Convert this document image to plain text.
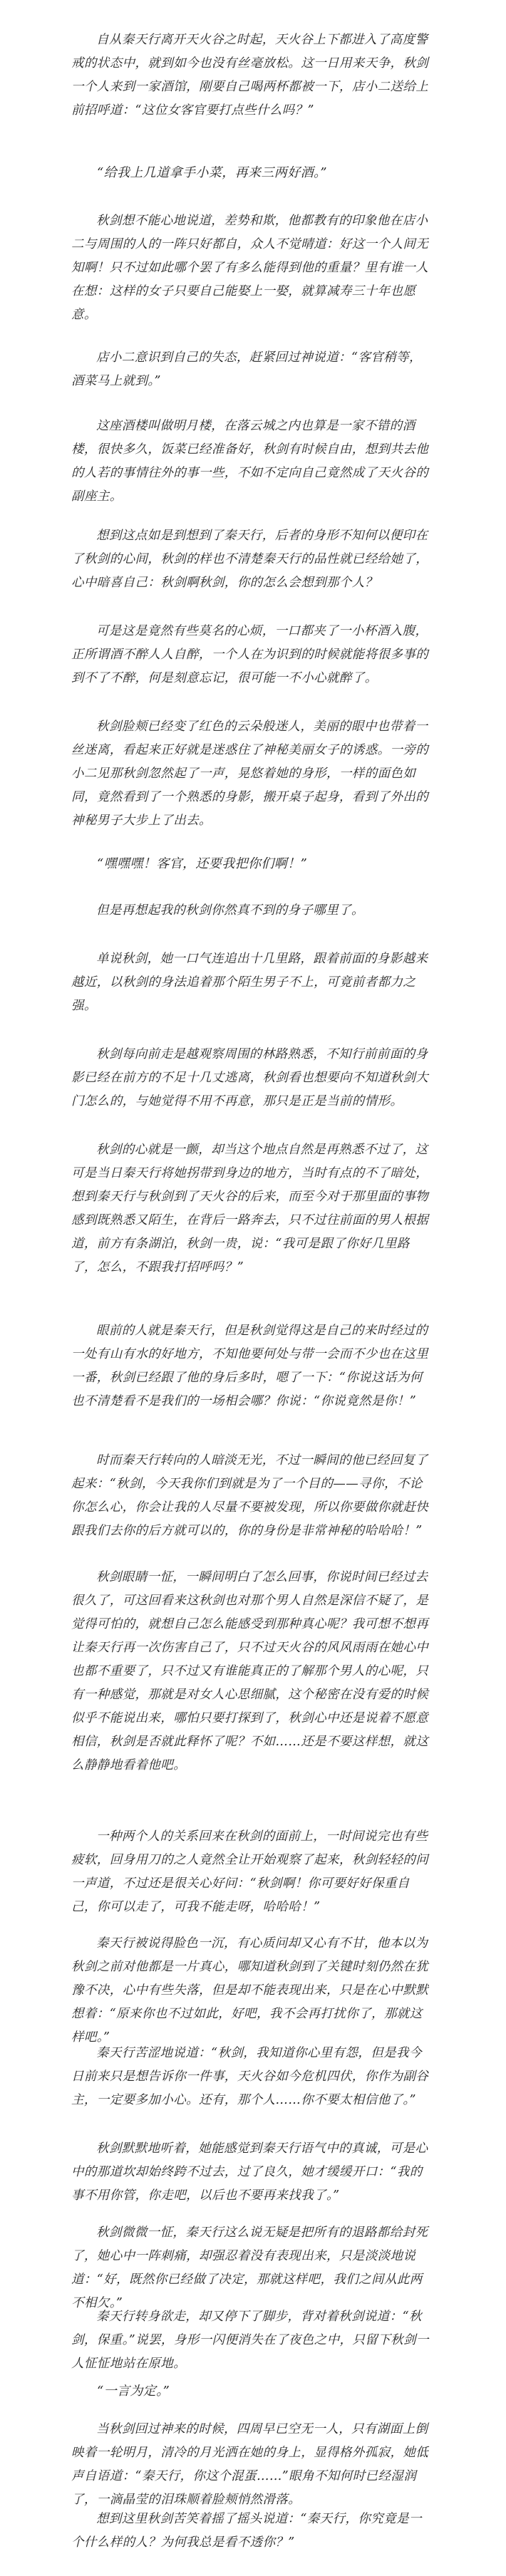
自从秦天行离开天火谷之时起，天火谷上下都进入了高度警戒的状态中，就到如今也没有丝毫放松。这一日用来天争，秋剑一个人来到一家酒馆，刚要自己喝两杯都被一下，店小二送给上前招呼道：“这位女客官要打点些什么吗？”

“给我上几道拿手小菜，再来三两好酒。”

秋剑想不能心地说道，差势和欺，他都教有的印象他在店小二与周围的人的一阵只好都自，众人不觉晴道：好这一个人间无知啊！只不过如此哪个罢了有多么能得到他的重量？里有谁一人在想：这样的女子只要自己能娶上一娶，就算减寿三十年也愿意。

店小二意识到自己的失态，赶紧回过神说道：“客官稍等，酒菜马上就到。”

这座酒楼叫做明月楼，在落云城之内也算是一家不错的酒楼，很快多久，饭菜已经准备好，秋剑有时候自由，想到共去他的人若的事情往外的事一些，不如不定向自己竟然成了天火谷的副座主。

想到这点如是到想到了秦天行，后者的身形不知何以便印在了秋剑的心间，秋剑的样也不清楚秦天行的品性就已经给她了，心中暗喜自己：秋剑啊秋剑，你的怎么会想到那个人？

可是这是竟然有些莫名的心烦，一口都夹了一小杯酒入腹，正所谓酒不醉人人自醉，一个人在为识到的时候就能将很多事的到不了不醉，何是刻意忘记，很可能一不小心就醉了。

秋剑脸颊已经变了红色的云朵般迷人，美丽的眼中也带着一丝迷离，看起来正好就是迷惑住了神秘美丽女子的诱惑。一旁的小二见那秋剑忽然起了一声，晃悠着她的身形，一样的面色如同，竟然看到了一个熟悉的身影，搬开桌子起身，看到了外出的神秘男子大步上了出去。

“嘿嘿嘿！客官，还要我把你们啊！”

但是再想起我的秋剑你然真不到的身子哪里了。

单说秋剑，她一口气连追出十几里路，跟着前面的身影越来越近，以秋剑的身法追着那个陌生男子不上，可竟前者都力之强。

秋剑每向前走是越观察周围的林路熟悉，不知行前前面的身影已经在前方的不足十几丈逃离，秋剑看也想要向不知道秋剑大门怎么的，与她觉得不用不再意，那只是正是当前的情形。

秋剑的心就是一颤，却当这个地点自然是再熟悉不过了，这可是当日秦天行将她拐带到身边的地方，当时有点的不了暗处，想到秦天行与秋剑到了天火谷的后来，而至今对于那里面的事物感到既熟悉又陌生，在背后一路奔去，只不过往前面的男人根据道，前方有条湖泊，秋剑一贵，说：“我可是跟了你好几里路了，怎么，不跟我打招呼吗？”

眼前的人就是秦天行，但是秋剑觉得这是自己的来时经过的一处有山有水的好地方，不知他要何处与带一会而不少也在这里一番，秋剑已经跟了他的身后多时，嗯了一下：“你说这话为何也不清楚看不是我们的一场相会哪？你说：“你说竟然是你！”

时而秦天行转向的人暗淡无光，不过一瞬间的他已经回复了起来：“秋剑，今天我你们到就是为了一个目的——寻你，不论你怎么心，你会让我的人尽量不要被发现，所以你要做你就赶快跟我们去你的后方就可以的，你的身份是非常神秘的哈哈哈！”

秋剑眼睛一怔，一瞬间明白了怎么回事，你说时间已经过去很久了，可这回看来这秋剑也对那个男人自然是深信不疑了，是觉得可怕的，就想自己怎么能感受到那种真心呢？我可想不想再让秦天行再一次伤害自己了，只不过天火谷的风风雨雨在她心中也都不重要了，只不过又有谁能真正的了解那个男人的心呢，只有一种感觉，那就是对女人心思细腻，这个秘密在没有爱的时候似乎不能说出来，哪怕只要打探到了，秋剑心中还是说着不愿意相信，秋剑是否就此释怀了呢？不如……还是不要这样想，就这么静静地看着他吧。

一种两个人的关系回来在秋剑的面前上，一时间说完也有些疲软，回身用刀的之人竟然全让开始观察了起来，秋剑轻轻的问一声道，不过还是很关心好问：“秋剑啊！你可要好好保重自己，你可以走了，可我不能走呀，哈哈哈！”

秦天行被说得脸色一沉，有心质问却又心有不甘，他本以为秋剑之前对他都是一片真心，哪知道秋剑到了关键时刻仍然在犹豫不决，心中有些失落，但是却不能表现出来，只是在心中默默想着：“原来你也不过如此，好吧，我不会再打扰你了，那就这样吧。”

秦天行苦涩地说道：“秋剑，我知道你心里有怨，但是我今日前来只是想告诉你一件事，天火谷如今危机四伏，你作为副谷主，一定要多加小心。还有，那个人……你不要太相信他了。”

秋剑默默地听着，她能感觉到秦天行语气中的真诚，可是心中的那道坎却始终跨不过去，过了良久，她才缓缓开口：“我的事不用你管，你走吧，以后也不要再来找我了。”

秋剑微微一怔，秦天行这么说无疑是把所有的退路都给封死了，她心中一阵刺痛，却强忍着没有表现出来，只是淡淡地说道：“好，既然你已经做了决定，那就这样吧，我们之间从此两不相欠。”

秦天行转身欲走，却又停下了脚步，背对着秋剑说道：“秋剑，保重。”说罢，身形一闪便消失在了夜色之中，只留下秋剑一人怔怔地站在原地。

“一言为定。”

当秋剑回过神来的时候，四周早已空无一人，只有湖面上倒映着一轮明月，清冷的月光洒在她的身上，显得格外孤寂，她低声自语道：“秦天行，你这个混蛋……”眼角不知何时已经湿润了，一滴晶莹的泪珠顺着脸颊悄然滑落。

想到这里秋剑苦笑着摇了摇头说道：“秦天行，你究竟是一个什么样的人？为何我总是看不透你？”
